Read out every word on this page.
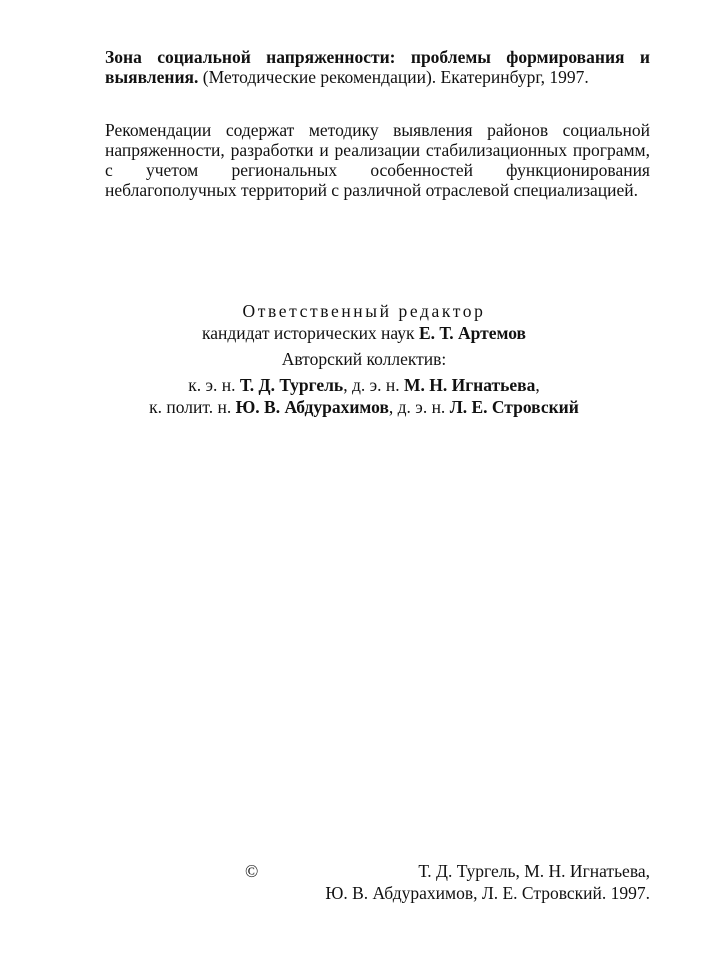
Зона социальной напряженности: проблемы формирования и выявления. (Методические рекомендации). Екатеринбург, 1997.

Рекомендации содержат методику выявления районов социальной напряженности, разработки и реализации стабилизационных программ, с учетом региональных особенностей функционирования неблагополучных территорий с различной отраслевой специализацией.

Ответственный редактор
кандидат исторических наук Е. Т. Артемов
Авторский коллектив:
к. э. н. Т. Д. Тургель, д. э. н. М. Н. Игнатьева,
к. полит. н. Ю. В. Абдурахимов, д. э. н. Л. Е. Стровский
©	Т. Д. Тургель, М. Н. Игнатьева,
Ю. В. Абдурахимов, Л. Е. Стровский. 1997.
